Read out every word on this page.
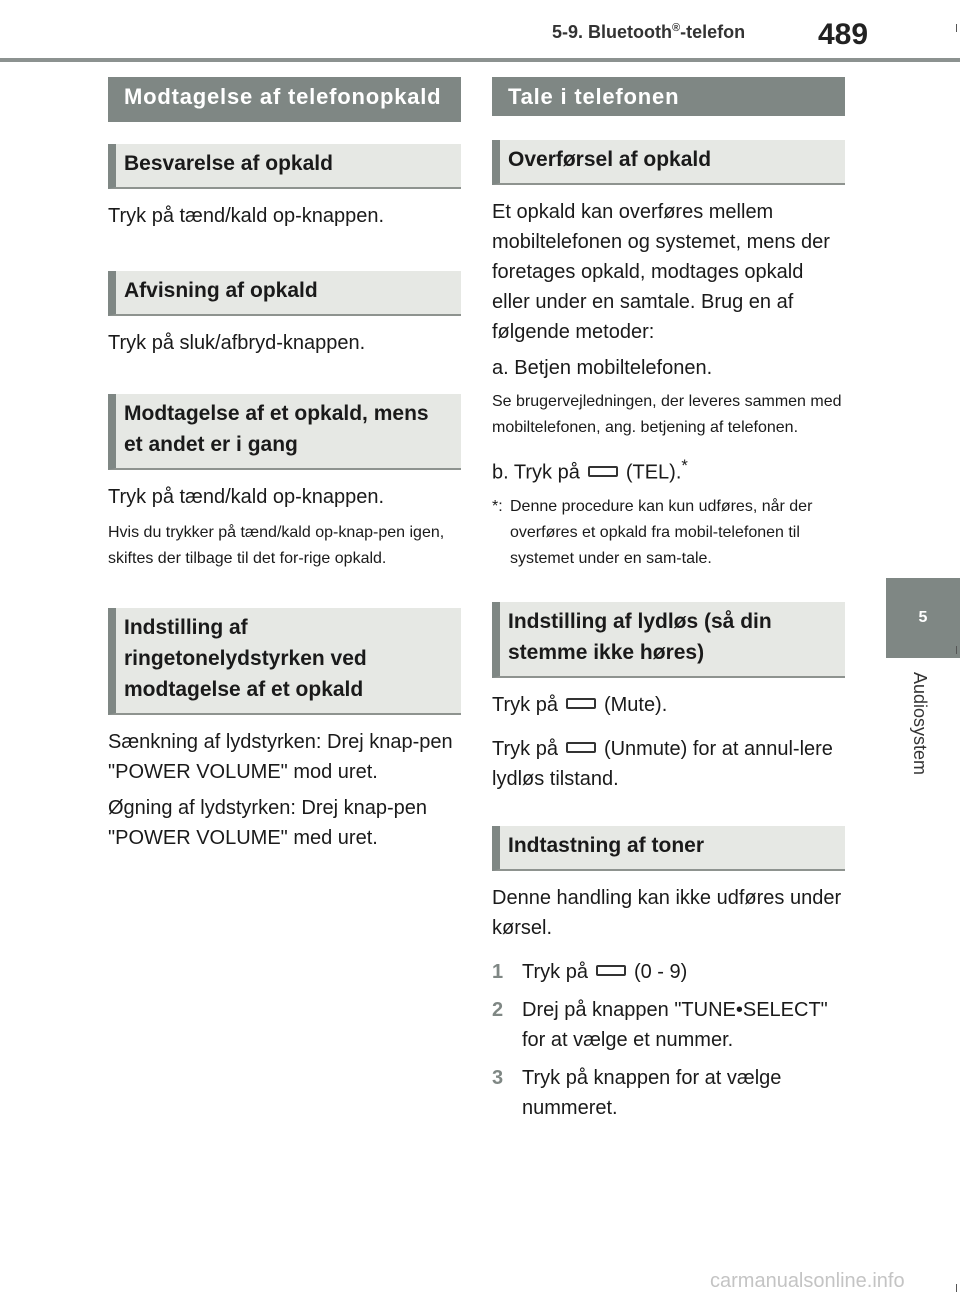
5-9. Bluetooth®-telefon 489
5
Audiosystem
Modtagelse af telefonopkald
Besvarelse af opkald

Tryk på tænd/kald op-knappen.

Afvisning af opkald

Tryk på sluk/afbryd-knappen.

Modtagelse af et opkald, mens et andet er i gang

Tryk på tænd/kald op-knappen.

Hvis du trykker på tænd/kald op-knap-pen igen, skiftes der tilbage til det for-rige opkald.

Indstilling af ringetonelydstyrken ved modtagelse af et opkald

Sænkning af lydstyrken: Drej knap-pen "POWER VOLUME" mod uret.

Øgning af lydstyrken: Drej knap-pen "POWER VOLUME" med uret.

Tale i telefonen
Overførsel af opkald

Et opkald kan overføres mellem mobiltelefonen og systemet, mens der foretages opkald, modtages opkald eller under en samtale. Brug en af følgende metoder:

a. Betjen mobiltelefonen.

Se brugervejledningen, der leveres sammen med mobiltelefonen, ang. betjening af telefonen.

b. Tryk på (TEL).*

*: Denne procedure kan kun udføres, når der overføres et opkald fra mobil-telefonen til systemet under en sam-tale.
Indstilling af lydløs (så din stemme ikke høres)

Tryk på (Mute).

Tryk på (Unmute) for at annul-lere lydløs tilstand.

Indtastning af toner

Denne handling kan ikke udføres under kørsel.

1 Tryk på (0 - 9)
2 Drej på knappen "TUNE•SELECT" for at vælge et nummer.
3 Tryk på knappen for at vælge nummeret.
carmanualsonline.info
